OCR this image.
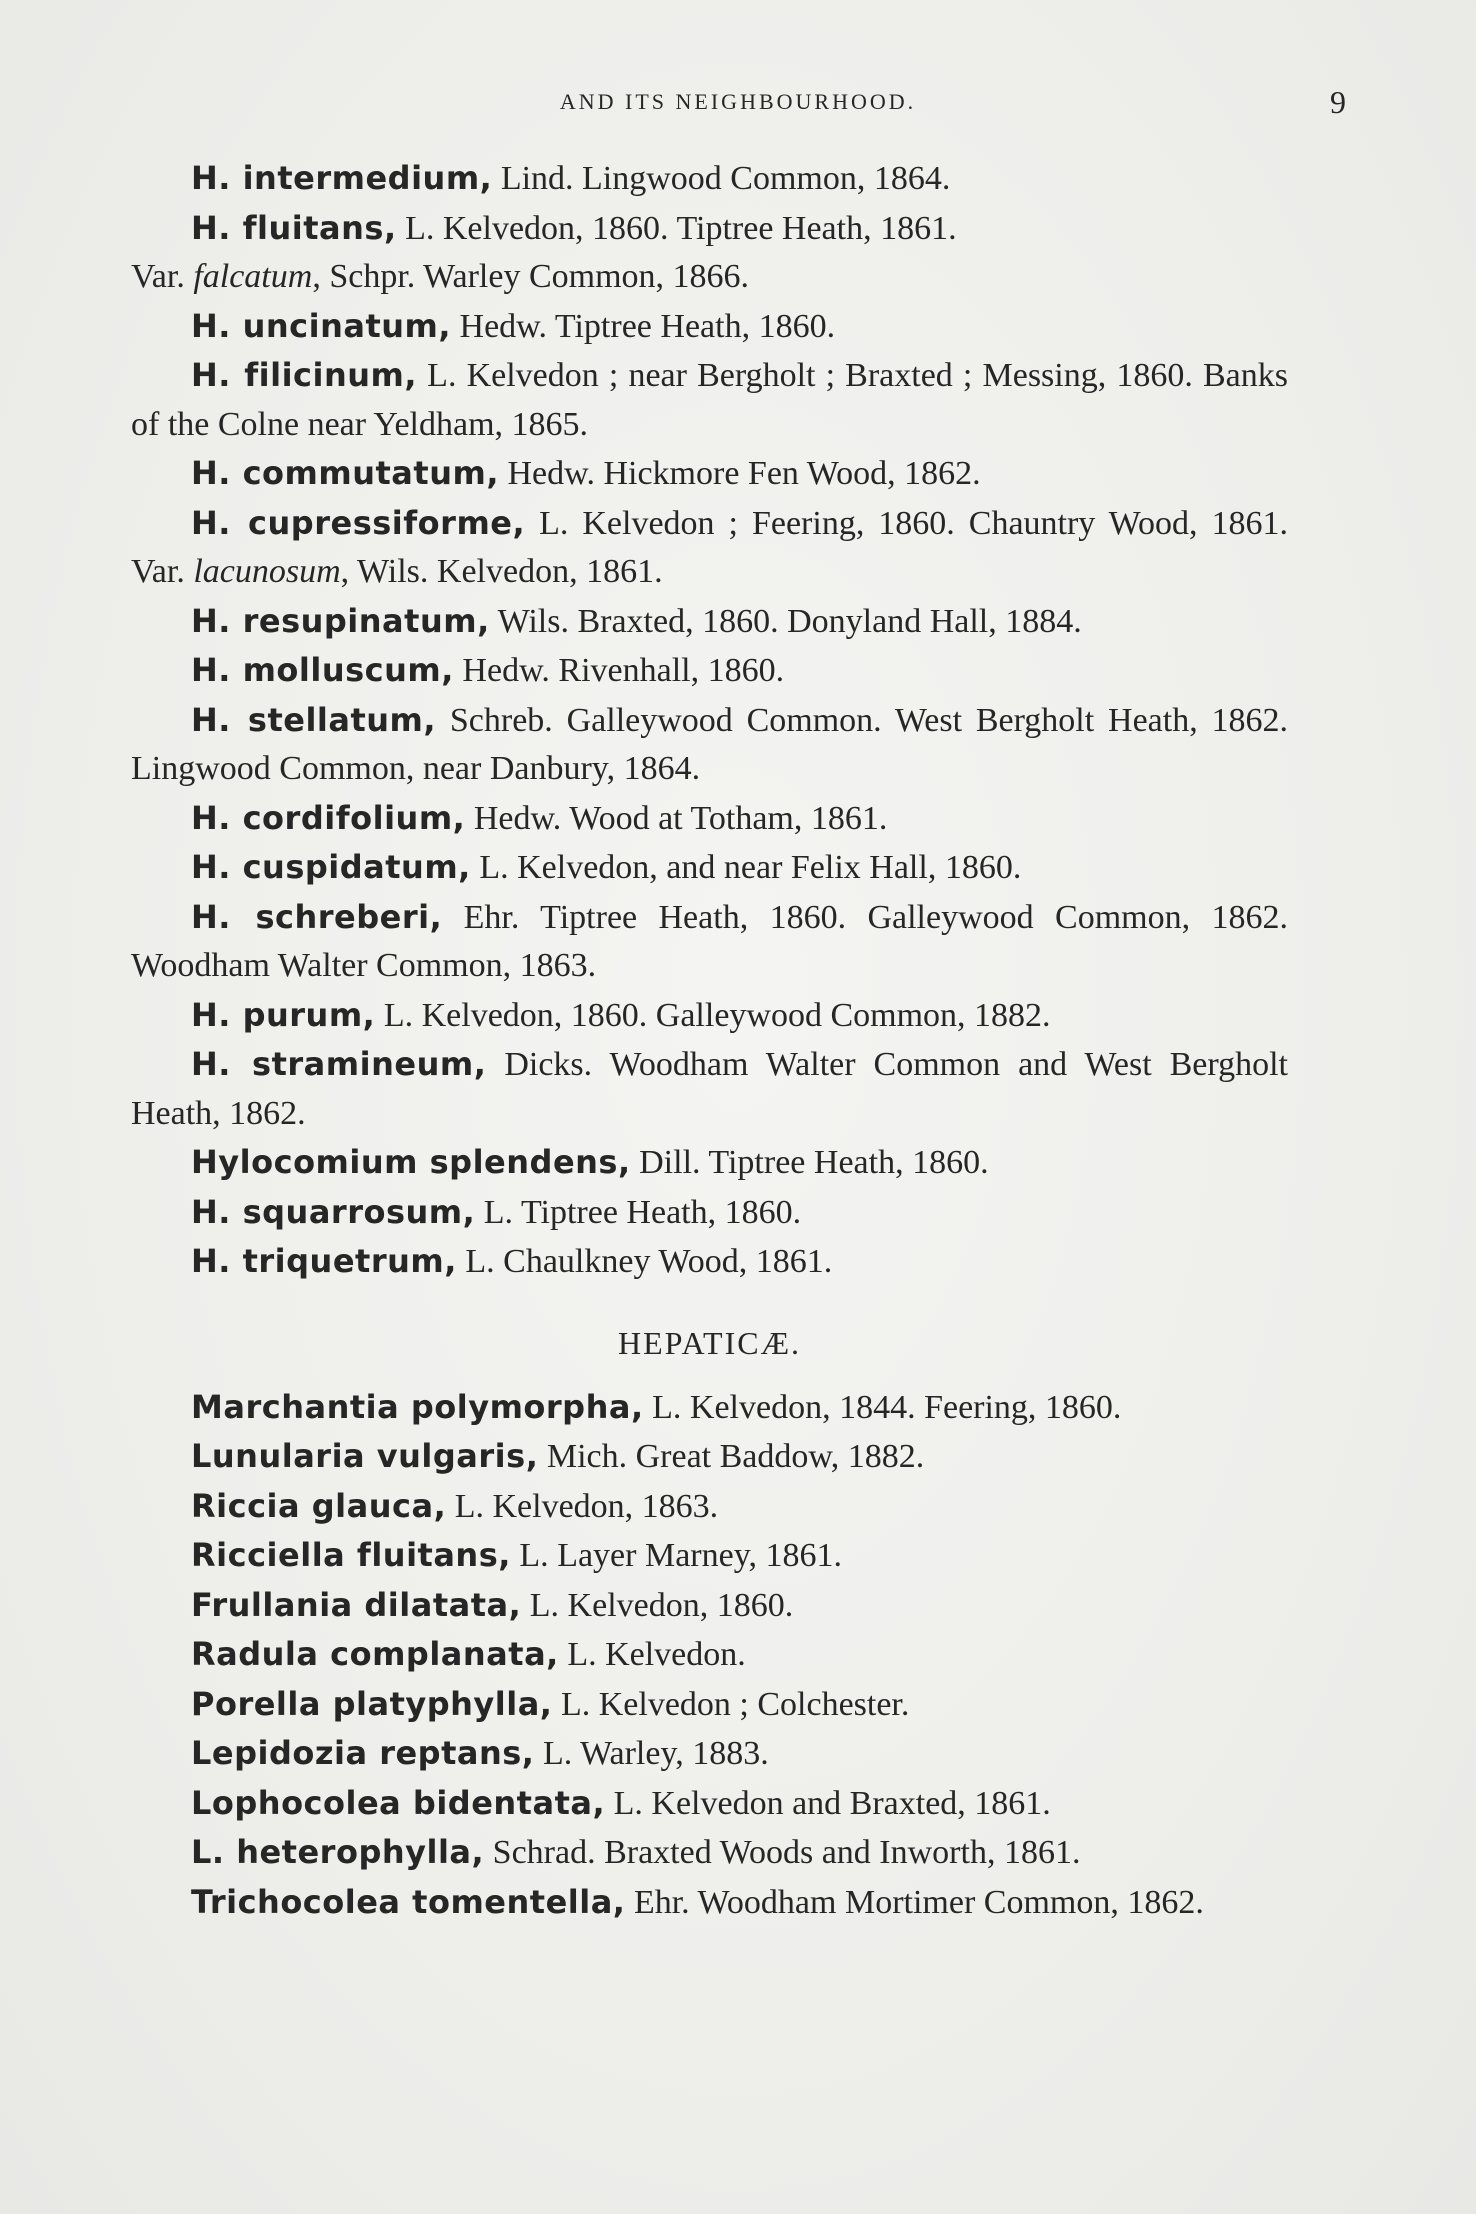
AND ITS NEIGHBOURHOOD.	9

H. intermedium, Lind. Lingwood Common, 1864.

H. fluitans, L. Kelvedon, 1860. Tiptree Heath, 1861.

Var. falcatum, Schpr. Warley Common, 1866.

H. uncinatum, Hedw. Tiptree Heath, 1860.

H. filicinum, L. Kelvedon ; near Bergholt ; Braxted ; Messing, 1860. Banks of the Colne near Yeldham, 1865.

H. commutatum, Hedw. Hickmore Fen Wood, 1862.

H. cupressiforme, L. Kelvedon ; Feering, 1860. Chauntry Wood, 1861. Var. lacunosum, Wils. Kelvedon, 1861.

H. resupinatum, Wils. Braxted, 1860. Donyland Hall, 1884.

H. molluscum, Hedw. Rivenhall, 1860.

H. stellatum, Schreb. Galleywood Common. West Bergholt Heath, 1862. Lingwood Common, near Danbury, 1864.

H. cordifolium, Hedw. Wood at Totham, 1861.

H. cuspidatum, L. Kelvedon, and near Felix Hall, 1860.

H. schreberi, Ehr. Tiptree Heath, 1860. Galleywood Common, 1862. Woodham Walter Common, 1863.

H. purum, L. Kelvedon, 1860. Galleywood Common, 1882.

H. stramineum, Dicks. Woodham Walter Common and West Bergholt Heath, 1862.

Hylocomium splendens, Dill. Tiptree Heath, 1860.

H. squarrosum, L. Tiptree Heath, 1860.

H. triquetrum, L. Chaulkney Wood, 1861.

HEPATICÆ.

Marchantia polymorpha, L. Kelvedon, 1844. Feering, 1860.

Lunularia vulgaris, Mich. Great Baddow, 1882.

Riccia glauca, L. Kelvedon, 1863.

Ricciella fluitans, L. Layer Marney, 1861.

Frullania dilatata, L. Kelvedon, 1860.

Radula complanata, L. Kelvedon.

Porella platyphylla, L. Kelvedon ; Colchester.

Lepidozia reptans, L. Warley, 1883.

Lophocolea bidentata, L. Kelvedon and Braxted, 1861.

L. heterophylla, Schrad. Braxted Woods and Inworth, 1861.

Trichocolea tomentella, Ehr. Woodham Mortimer Common, 1862.
